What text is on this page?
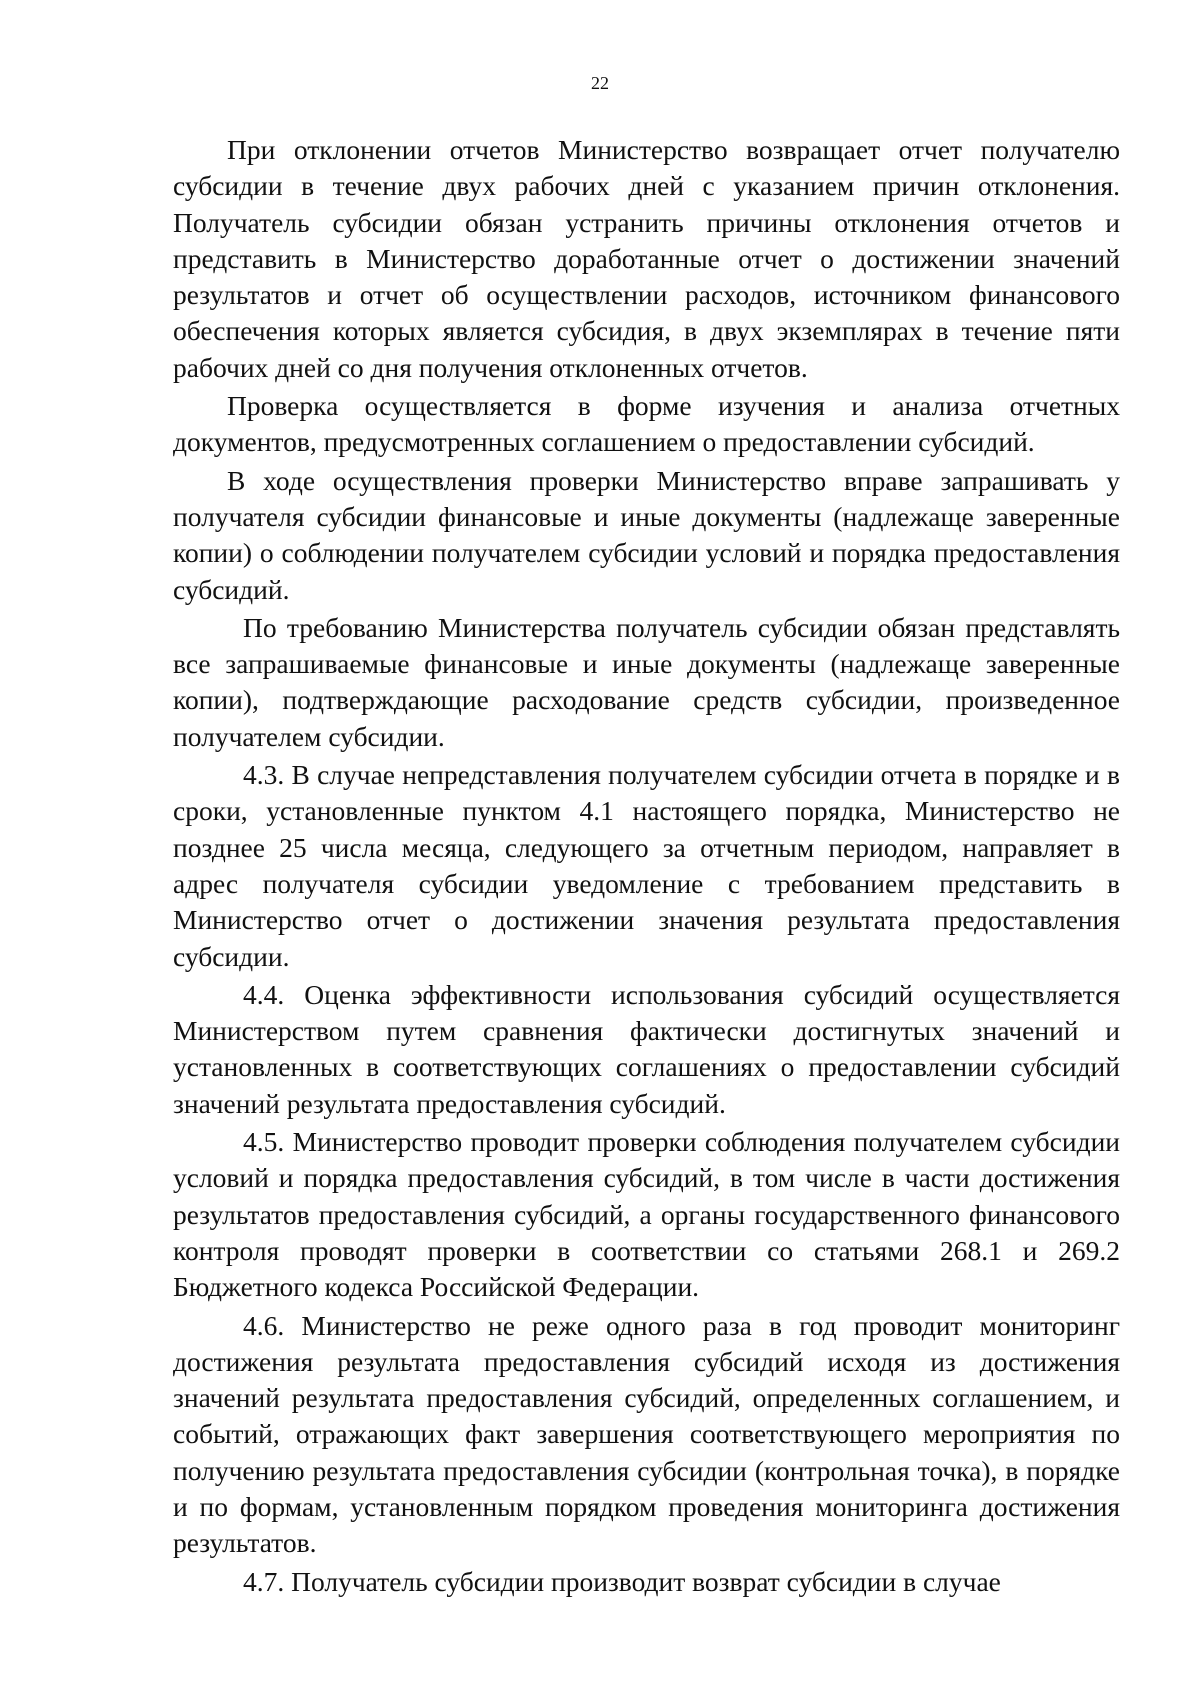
22

При отклонении отчетов Министерство возвращает отчет получателю субсидии в течение двух рабочих дней с указанием причин отклонения. Получатель субсидии обязан устранить причины отклонения отчетов и представить в Министерство доработанные отчет о достижении значений результатов и отчет об осуществлении расходов, источником финансового обеспечения которых является субсидия, в двух экземплярах в течение пяти рабочих дней со дня получения отклоненных отчетов.

Проверка осуществляется в форме изучения и анализа отчетных документов, предусмотренных соглашением о предоставлении субсидий.

В ходе осуществления проверки Министерство вправе запрашивать у получателя субсидии финансовые и иные документы (надлежаще заверенные копии) о соблюдении получателем субсидии условий и порядка предоставления субсидий.

По требованию Министерства получатель субсидии обязан представлять все запрашиваемые финансовые и иные документы (надлежаще заверенные копии), подтверждающие расходование средств субсидии, произведенное получателем субсидии.

4.3. В случае непредставления получателем субсидии отчета в порядке и в сроки, установленные пунктом 4.1 настоящего порядка, Министерство не позднее 25 числа месяца, следующего за отчетным периодом, направляет в адрес получателя субсидии уведомление с требованием представить в Министерство отчет о достижении значения результата предоставления субсидии.

4.4. Оценка эффективности использования субсидий осуществляется Министерством путем сравнения фактически достигнутых значений и установленных в соответствующих соглашениях о предоставлении субсидий значений результата предоставления субсидий.

4.5. Министерство проводит проверки соблюдения получателем субсидии условий и порядка предоставления субсидий, в том числе в части достижения результатов предоставления субсидий, а органы государственного финансового контроля проводят проверки в соответствии со статьями 268.1 и 269.2 Бюджетного кодекса Российской Федерации.

4.6. Министерство не реже одного раза в год проводит мониторинг достижения результата предоставления субсидий исходя из достижения значений результата предоставления субсидий, определенных соглашением, и событий, отражающих факт завершения соответствующего мероприятия по получению результата предоставления субсидии (контрольная точка), в порядке и по формам, установленным порядком проведения мониторинга достижения результатов.

4.7. Получатель субсидии производит возврат субсидии в случае
